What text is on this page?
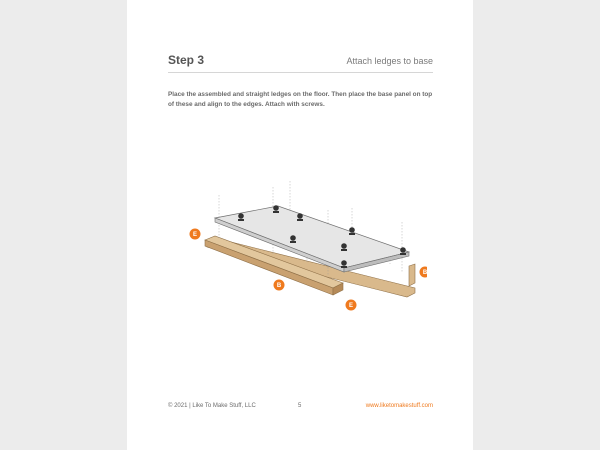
Step 3	Attach ledges to base
Place the assembled and straight ledges on the floor. Then place the base panel on top of these and align to the edges. Attach with screws.
E
B
E
B
© 2021 | Like To Make Stuff, LLC	5	www.liketomakestuff.com
